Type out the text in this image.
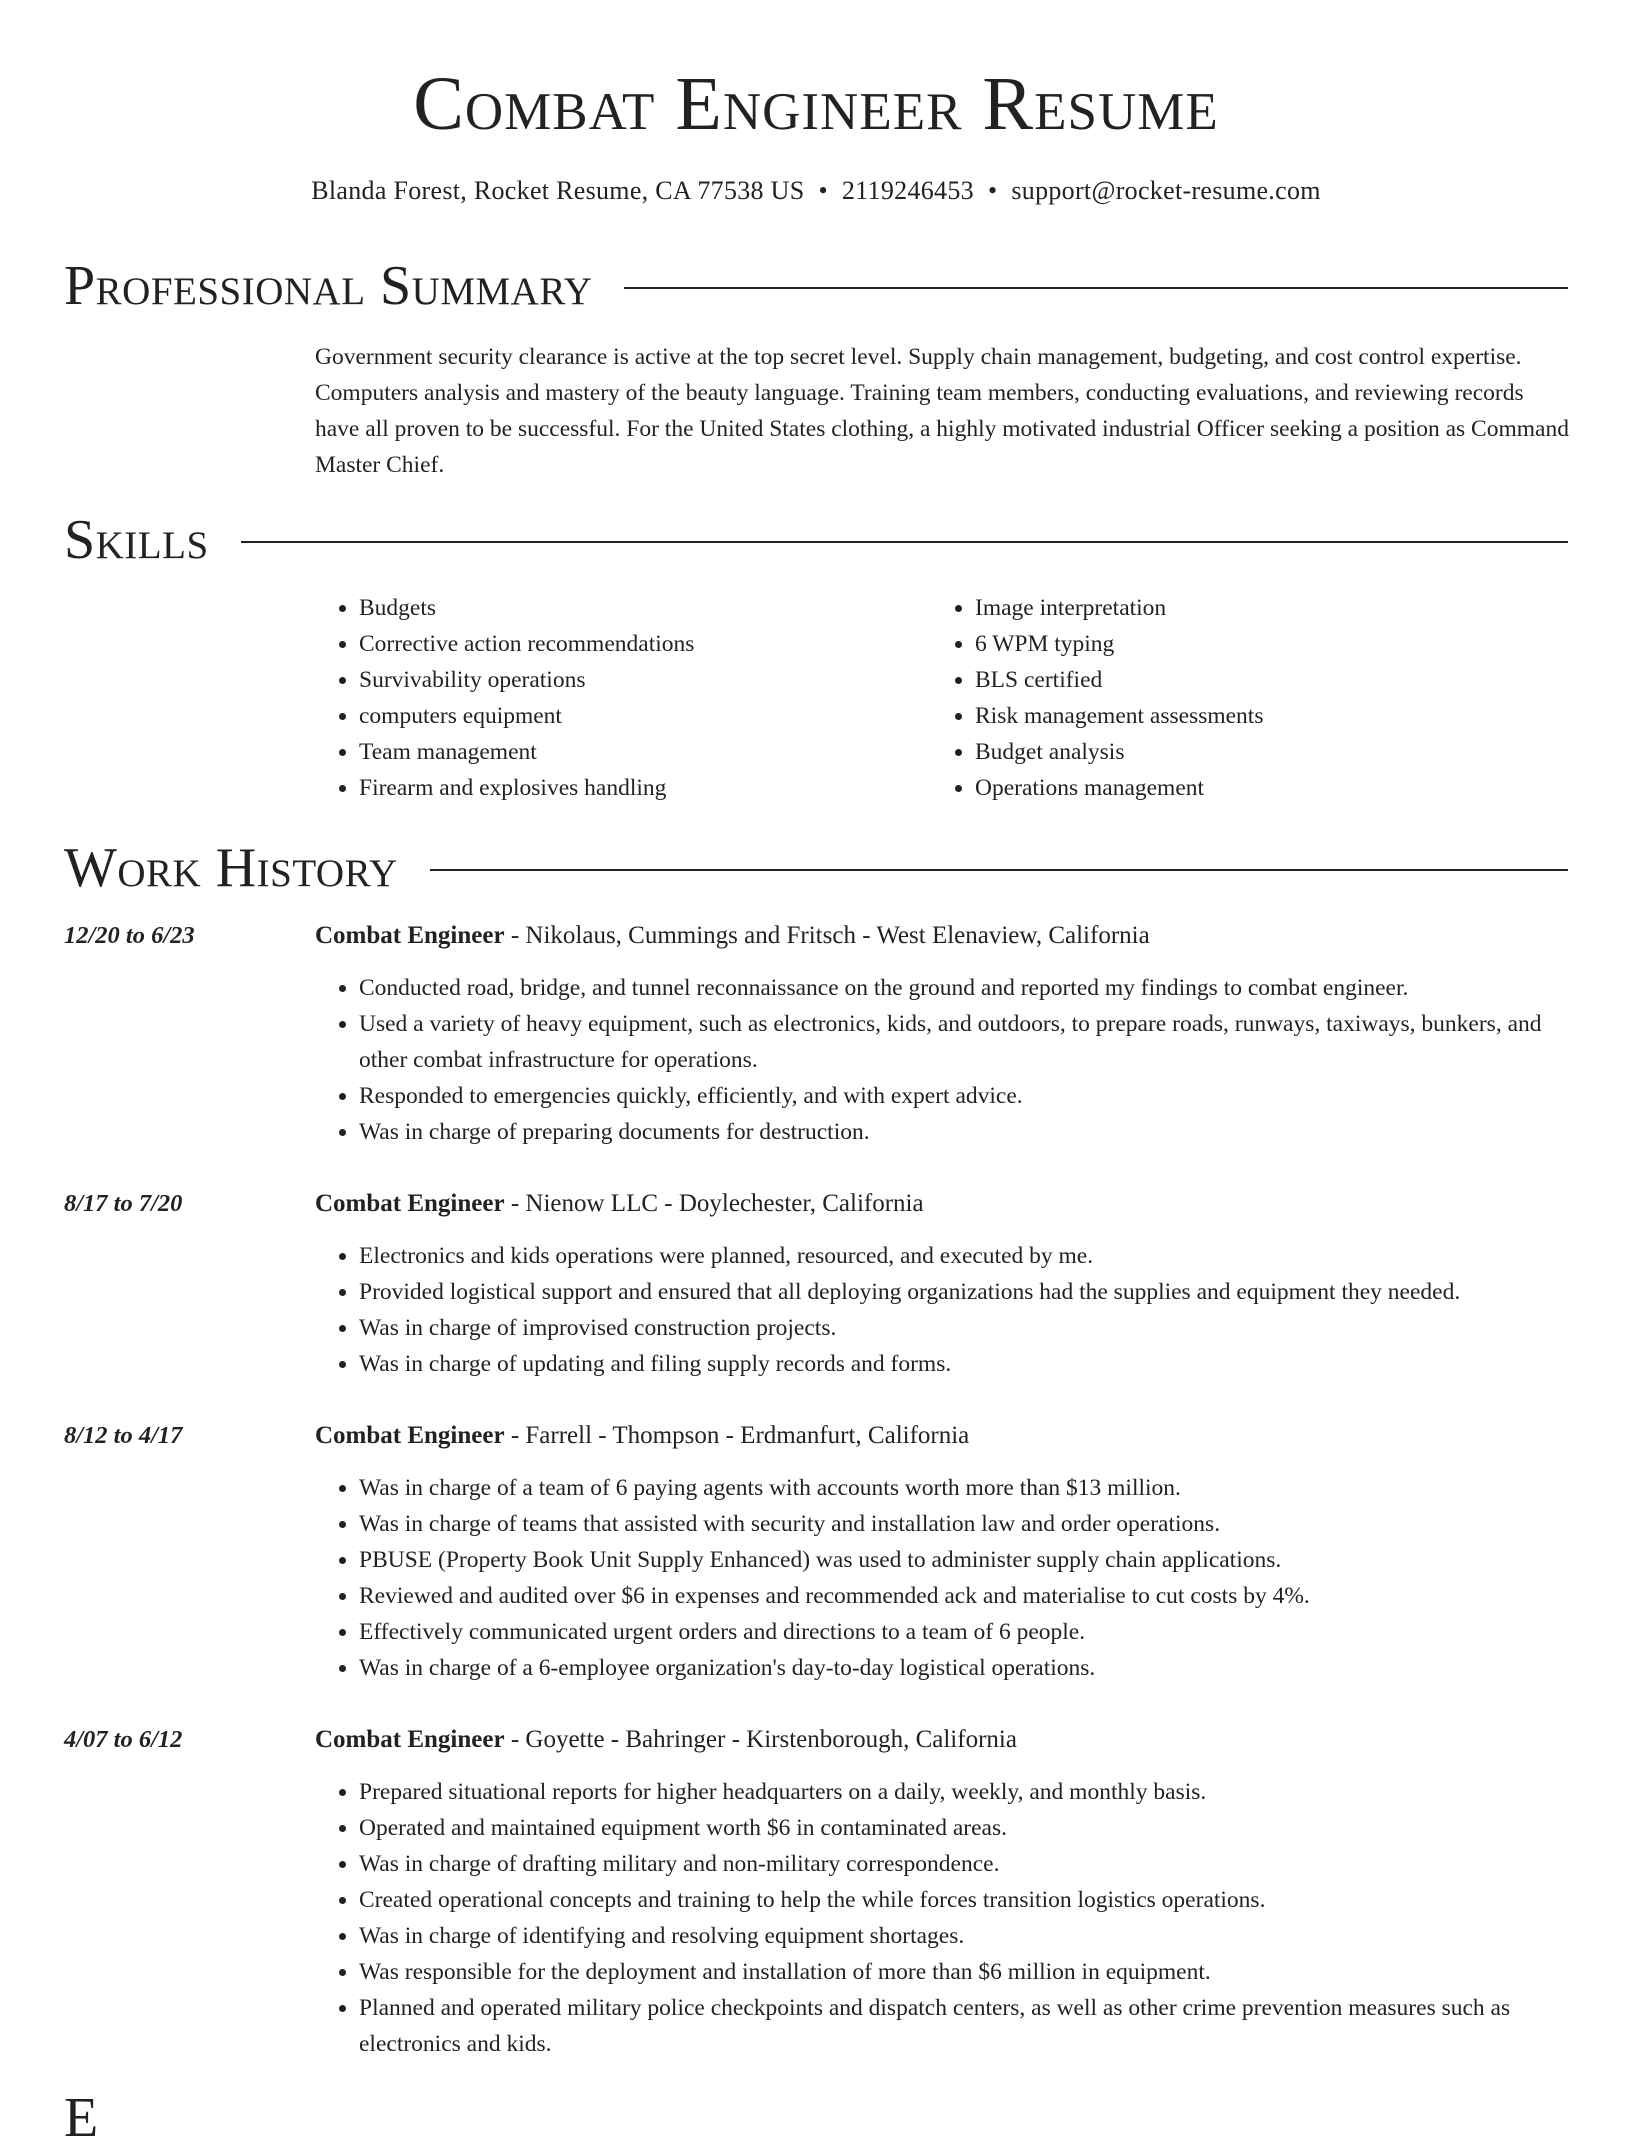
Combat Engineer Resume
Blanda Forest, Rocket Resume, CA 77538 US • 2119246453 • support@rocket-resume.com
Professional Summary
Government security clearance is active at the top secret level. Supply chain management, budgeting, and cost control expertise. Computers analysis and mastery of the beauty language. Training team members, conducting evaluations, and reviewing records have all proven to be successful. For the United States clothing, a highly motivated industrial Officer seeking a position as Command Master Chief.
Skills
• Budgets
• Corrective action recommendations
• Survivability operations
• computers equipment
• Team management
• Firearm and explosives handling
• Image interpretation
• 6 WPM typing
• BLS certified
• Risk management assessments
• Budget analysis
• Operations management
Work History
12/20 to 6/23	Combat Engineer - Nikolaus, Cummings and Fritsch - West Elenaview, California
• Conducted road, bridge, and tunnel reconnaissance on the ground and reported my findings to combat engineer.
• Used a variety of heavy equipment, such as electronics, kids, and outdoors, to prepare roads, runways, taxiways, bunkers, and other combat infrastructure for operations.
• Responded to emergencies quickly, efficiently, and with expert advice.
• Was in charge of preparing documents for destruction.
8/17 to 7/20	Combat Engineer - Nienow LLC - Doylechester, California
• Electronics and kids operations were planned, resourced, and executed by me.
• Provided logistical support and ensured that all deploying organizations had the supplies and equipment they needed.
• Was in charge of improvised construction projects.
• Was in charge of updating and filing supply records and forms.
8/12 to 4/17	Combat Engineer - Farrell - Thompson - Erdmanfurt, California
• Was in charge of a team of 6 paying agents with accounts worth more than $13 million.
• Was in charge of teams that assisted with security and installation law and order operations.
• PBUSE (Property Book Unit Supply Enhanced) was used to administer supply chain applications.
• Reviewed and audited over $6 in expenses and recommended ack and materialise to cut costs by 4%.
• Effectively communicated urgent orders and directions to a team of 6 people.
• Was in charge of a 6-employee organization's day-to-day logistical operations.
4/07 to 6/12	Combat Engineer - Goyette - Bahringer - Kirstenborough, California
• Prepared situational reports for higher headquarters on a daily, weekly, and monthly basis.
• Operated and maintained equipment worth $6 in contaminated areas.
• Was in charge of drafting military and non-military correspondence.
• Created operational concepts and training to help the while forces transition logistics operations.
• Was in charge of identifying and resolving equipment shortages.
• Was responsible for the deployment and installation of more than $6 million in equipment.
• Planned and operated military police checkpoints and dispatch centers, as well as other crime prevention measures such as electronics and kids.
E
